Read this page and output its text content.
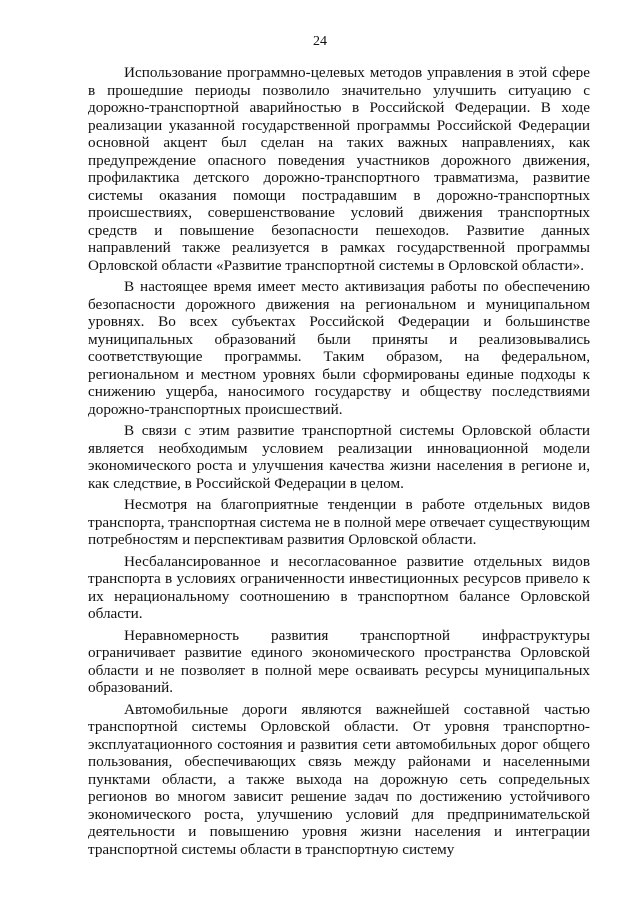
24

Использование программно-целевых методов управления в этой сфере в прошедшие периоды позволило значительно улучшить ситуацию с дорожно-транспортной аварийностью в Российской Федерации. В ходе реализации указанной государственной программы Российской Федерации основной акцент был сделан на таких важных направлениях, как предупреждение опасного поведения участников дорожного движения, профилактика детского дорожно-транспортного травматизма, развитие системы оказания помощи пострадавшим в дорожно-транспортных происшествиях, совершенствование условий движения транспортных средств и повышение безопасности пешеходов. Развитие данных направлений также реализуется в рамках государственной программы Орловской области «Развитие транспортной системы в Орловской области».

В настоящее время имеет место активизация работы по обеспечению безопасности дорожного движения на региональном и муниципальном уровнях. Во всех субъектах Российской Федерации и большинстве муниципальных образований были приняты и реализовывались соответствующие программы. Таким образом, на федеральном, региональном и местном уровнях были сформированы единые подходы к снижению ущерба, наносимого государству и обществу последствиями дорожно-транспортных происшествий.

В связи с этим развитие транспортной системы Орловской области является необходимым условием реализации инновационной модели экономического роста и улучшения качества жизни населения в регионе и, как следствие, в Российской Федерации в целом.

Несмотря на благоприятные тенденции в работе отдельных видов транспорта, транспортная система не в полной мере отвечает существующим потребностям и перспективам развития Орловской области.

Несбалансированное и несогласованное развитие отдельных видов транспорта в условиях ограниченности инвестиционных ресурсов привело к их нерациональному соотношению в транспортном балансе Орловской области.

Неравномерность развития транспортной инфраструктуры ограничивает развитие единого экономического пространства Орловской области и не позволяет в полной мере осваивать ресурсы муниципальных образований.

Автомобильные дороги являются важнейшей составной частью транспортной системы Орловской области. От уровня транспортно-эксплуатационного состояния и развития сети автомобильных дорог общего пользования, обеспечивающих связь между районами и населенными пунктами области, а также выхода на дорожную сеть сопредельных регионов во многом зависит решение задач по достижению устойчивого экономического роста, улучшению условий для предпринимательской деятельности и повышению уровня жизни населения и интеграции транспортной системы области в транспортную систему
